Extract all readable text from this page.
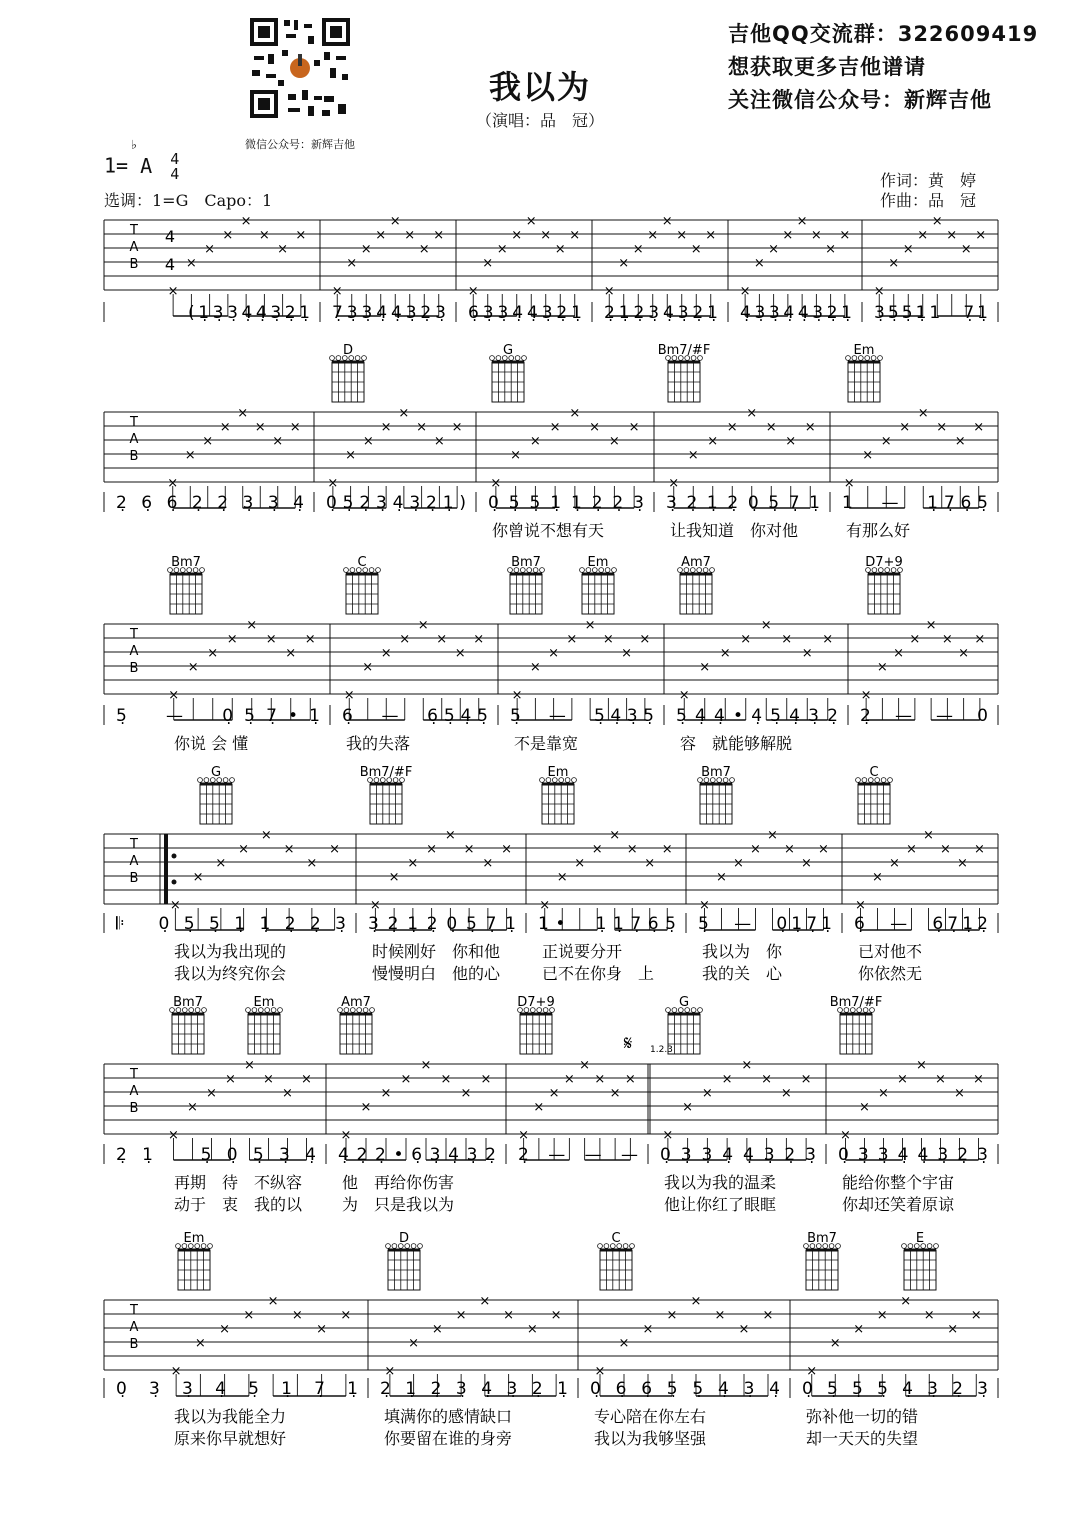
微信公众号：新辉吉他
我以为
（演唱：品　冠）
吉他QQ交流群：322609419
想获取更多吉他谱请
关注微信公众号：新辉吉他
1=
♭
A 4
4
选调：1=G　Capo：1
作词：黄　婷
作曲：品　冠
T
A
B
4
4
×
×
×
×
×
×
×
×
×
×
×
×
×
×
×
×
×
×
×
×
×
×
×
×
×
×
×
×
×
×
×
×
×
×
×
×
×
×
×
×
×
×
×
×
×
×
×
×
(1̣3̣3̣4̣4̣3̣2̣1̣ 7̣3̣3̣4̣4̣3̣2̣3̣ 6̣3̣3̣4̣4̣3̣2̣1̣ 2̣1̣2̣3̣4̣3̣2̣1̣ 4̣3̣3̣4̣4̣3̣2̣1̣ 3̣5̣5̣1̣1　7̣1̣
T
A
B
×
×
×
×
×
×
×
×
×
×
×
×
×
×
×
×
×
×
×
×
×
×
×
×
×
×
×
×
×
×
×
×
×
×
×
×
×
×
×
×
D	G	Bm7/#F	Em
2̣6̣6̣2̣2̣3̣3̣4̣ 0̣5̣2̣3̣4̣3̣2̣1̣) 0̣5̣5̣1̣1̣2̣2̣3̣ 3̣2̣1̣2̣0̣5̣7̣1̣ 1　—　1̣7̣6̣5̣
你曾说不想有天	让我知道　你对他	有那么好
T
A
B
×
×
×
×
×
×
×
×
×
×
×
×
×
×
×
×
×
×
×
×
×
×
×
×
×
×
×
×
×
×
×
×
×
×
×
×
×
×
×
×
Bm7	C	Bm7	Em	Am7	D7+9
5̣　—　0̣5̣7̣•1̣ 6̣　—　6̣5̣4̣5̣ 5̣　—　5̣4̣3̣5̣ 5̣4̣4̣•4̣5̣4̣3̣2̣ 2̣　—　—　0
你说 会 懂	我的失落	不是靠宽	容　就能够解脱
T
A
B
×
×
×
×
×
×
×
×
×
×
×
×
×
×
×
×
×
×
×
×
×
×
×
×
×
×
×
×
×
×
×
×
×
×
×
×
×
×
×
×
G	Bm7/#F	Em	Bm7	C
𝄆 0̣5̣5̣1̣1̣2̣2̣3̣ 3̣2̣1̣2̣0̣5̣7̣1̣ 1•　1̣1̣7̣6̣5̣ 5̣　—　0̣1̣7̣1̣ 6̣　—　6̣7̣1̣2̣
我以为我出现的	时候刚好　你和他	正说要分开	我以为　你	已对他不
我以为终究你会	慢慢明白　他的心	已不在你身　上	我的关　心	你依然无
T
A
B
𝄋 1.2.3
×
×
×
×
×
×
×
×
×
×
×
×
×
×
×
×
×
×
×
×
×
×
×
×
×
×
×
×
×
×
×
×
×
×
×
×
×
×
×
×
Bm7	Em	Am7	D7+9	G	Bm7/#F
2̣1̣　5̣0̣5̣3̣4̣ 4̣2̣2̣•6̣3̣4̣3̣2̣ 2̣　—　—　— 0̣3̣3̣4̣4̣3̣2̣3̣ 0̣3̣3̣4̣4̣3̣2̣3̣
再期　待　不纵容 他　再给你伤害	我以为我的温柔	能给你整个宇宙
动于　衷　我的以 为　只是我以为	他让你红了眼眶	你却还笑着原谅
T
A
B
×
×
×
×
×
×
×
×
×
×
×
×
×
×
×
×
×
×
×
×
×
×
×
×
×
×
×
×
×
×
×
×
Em	D	C	Bm7	E
0̣3̣3̣4̣5̣1̣7̣1̣ 2̣1̣2̣3̣4̣3̣2̣1̣ 0̣6̣6̣5̣5̣4̣3̣4̣ 0̣5̣5̣5̣4̣3̣2̣3̣
我以为我能全力	填满你的感情缺口	专心陪在你左右	弥补他一切的错
原来你早就想好	你要留在谁的身旁	我以为我够坚强	却一天天的失望
